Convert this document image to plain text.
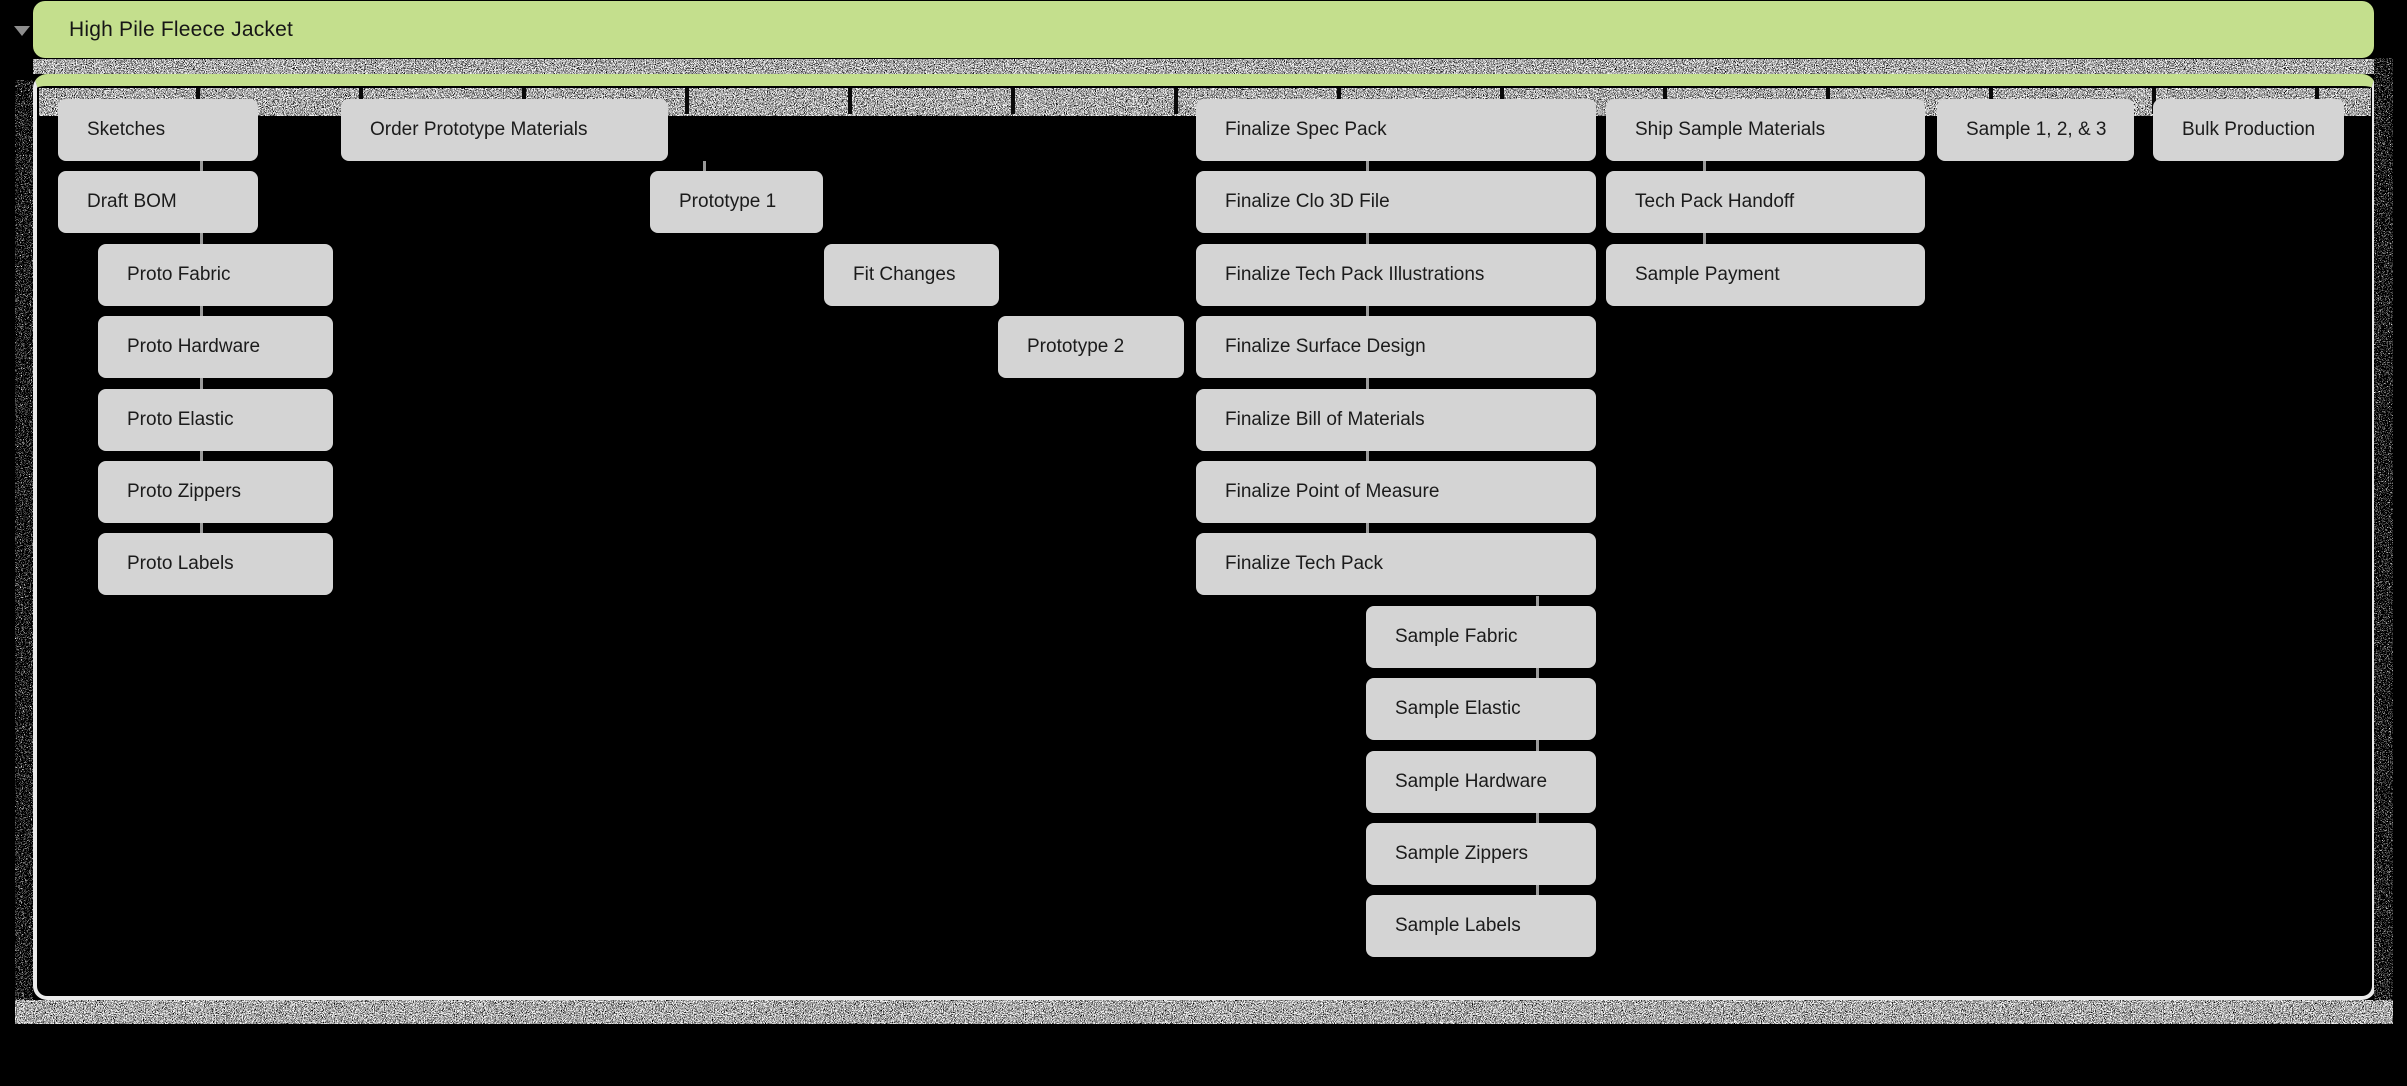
Sketches	Order Prototype Materials	Finalize Spec Pack	Ship Sample Materials	Sample 1, 2, & 3	Bulk Production
Draft BOM	Prototype 1	Finalize Clo 3D File	Tech Pack Handoff
Proto Fabric	Fit Changes	Finalize Tech Pack Illustrations	Sample Payment
Proto Hardware	Prototype 2	Finalize Surface Design
Proto Elastic	Finalize Bill of Materials
Proto Zippers	Finalize Point of Measure
Proto Labels	Finalize Tech Pack
Sample Fabric
Sample Elastic
Sample Hardware
Sample Zippers
Sample Labels
High Pile Fleece Jacket
